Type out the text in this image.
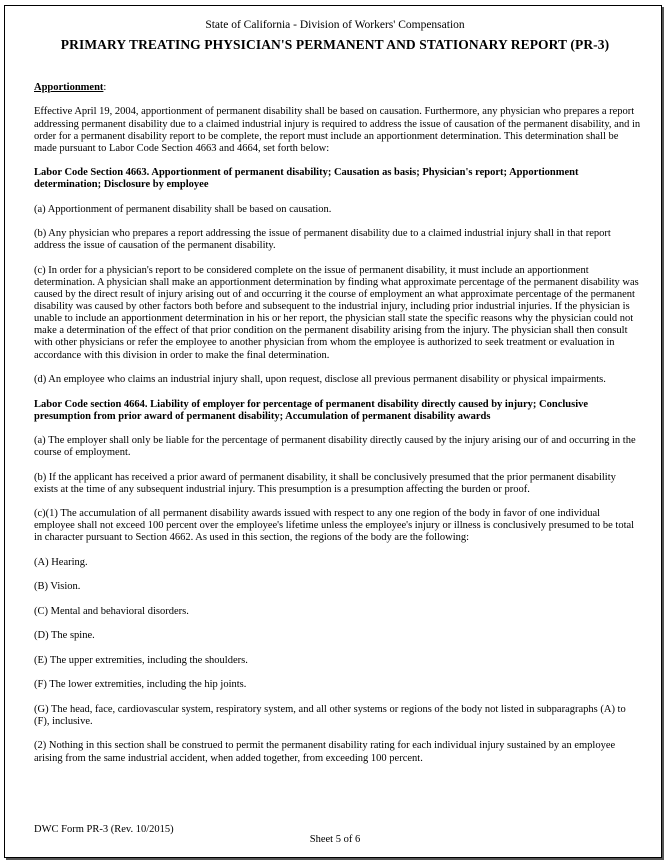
State of California - Division of Workers' Compensation
PRIMARY TREATING PHYSICIAN'S PERMANENT AND STATIONARY REPORT (PR-3)

Apportionment:

Effective April 19, 2004, apportionment of permanent disability shall be based on causation. Furthermore, any physician who prepares a report addressing permanent disability due to a claimed industrial injury is required to address the issue of causation of the permanent disability, and in order for a permanent disability report to be complete, the report must include an apportionment determination. This determination shall be made pursuant to Labor Code Section 4663 and 4664, set forth below:

Labor Code Section 4663. Apportionment of permanent disability; Causation as basis; Physician's report; Apportionment determination; Disclosure by employee

(a) Apportionment of permanent disability shall be based on causation.

(b) Any physician who prepares a report addressing the issue of permanent disability due to a claimed industrial injury shall in that report address the issue of causation of the permanent disability.

(c) In order for a physician's report to be considered complete on the issue of permanent disability, it must include an apportionment determination. A physician shall make an apportionment determination by finding what approximate percentage of the permanent disability was caused by the direct result of injury arising out of and occurring it the course of employment an what approximate percentage of the permanent disability was caused by other factors both before and subsequent to the industrial injury, including prior industrial injuries. If the physician is unable to include an apportionment determination in his or her report, the physician stall state the specific reasons why the physician could not make a determination of the effect of that prior condition on the permanent disability arising from the injury. The physician shall then consult with other physicians or refer the employee to another physician from whom the employee is authorized to seek treatment or evaluation in accordance with this division in order to make the final determination.

(d) An employee who claims an industrial injury shall, upon request, disclose all previous permanent disability or physical impairments.

Labor Code section 4664. Liability of employer for percentage of permanent disability directly caused by injury; Conclusive presumption from prior award of permanent disability; Accumulation of permanent disability awards

(a) The employer shall only be liable for the percentage of permanent disability directly caused by the injury arising our of and occurring in the course of employment.

(b) If the applicant has received a prior award of permanent disability, it shall be conclusively presumed that the prior permanent disability exists at the time of any subsequent industrial injury. This presumption is a presumption affecting the burden or proof.

(c)(1) The accumulation of all permanent disability awards issued with respect to any one region of the body in favor of one individual employee shall not exceed 100 percent over the employee's lifetime unless the employee's injury or illness is conclusively presumed to be total in character pursuant to Section 4662. As used in this section, the regions of the body are the following:

(A) Hearing.

(B) Vision.

(C) Mental and behavioral disorders.

(D) The spine.

(E) The upper extremities, including the shoulders.

(F) The lower extremities, including the hip joints.

(G) The head, face, cardiovascular system, respiratory system, and all other systems or regions of the body not listed in subparagraphs (A) to (F), inclusive.

(2) Nothing in this section shall be construed to permit the permanent disability rating for each individual injury sustained by an employee arising from the same industrial accident, when added together, from exceeding 100 percent.

DWC Form PR-3 (Rev. 10/2015)
Sheet 5 of 6
